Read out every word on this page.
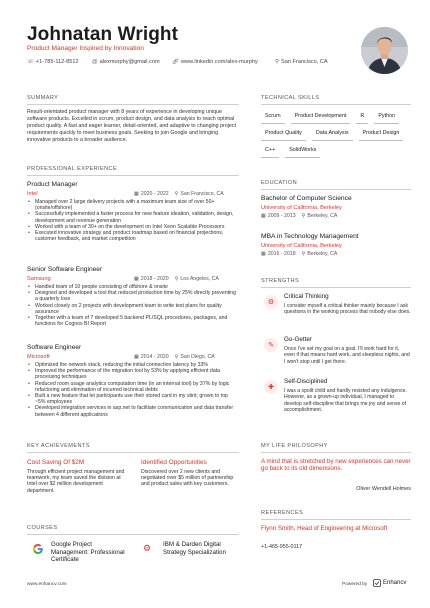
Johnatan Wright
Product Manager Inspired by Innovation
☏ +1-785-112-8512 @ alexmurphy@gmail.com 🔗︎ www.linkedin.com/alex-murphy	⚲ San Francisco, CA
SUMMARY
Result-orientated product manager with 8 years of experience in developing unique software products. Excelled in scrum, product design, and data analysis to reach optimal product quality. A fast and eager learner, detail-oriented, and adaptive to changing project requirements quickly to meet business goals. Seeking to join Google and bringing innovative products to a broader audience.
PROFESSIONAL EXPERIENCE
Product Manager
Intel	▦ 2020 - 2022 ⚲ San Francisco, CA
• Managed over 2 large delivery projects with a maximum team size of over 50+ (onsite/offshore)
• Successfully implemented a faster process for new feature ideation, validation, design, development and revenue generation
• Worked with a team of 30+ on the development on Intel Xeon Scalable Processors
• Executed innovative strategy and product roadmap based on financial projections, customer feedback, and market competition
Senior Software Engineer
Samsung	▦ 2018 - 2020 ⚲ Los Angeles, CA
• Handled team of 10 people consisting of offshore & onsite
• Designed and developed a tool that reduced production time by 25% directly preventing a quarterly loss
• Worked closely on 2 projects with development team to write test plans for quality assurance
• Together with a team of 7 developed 5 backend PL/SQL procedures, packages, and functions for Cognos BI Report
Software Engineer
Microsoft	▦ 2014 - 2020 ⚲ San Diego, CA
• Optimized the network stack, reducing the initial connection latency by 33%
• Improved the performance of the migration tool by 53% by applying efficient data processing techniques
• Reduced room usage analytics computation time (in an internal tool) by 37% by logic refactoring and elimination of incurred technical debts
• Built a new feature that let participants use their stored card in my stint; grown to top ~5% employees
• Developed integration services in asp.net to facilitate communication and data transfer between 4 different applications
KEY ACHIEVEMENTS
Cost Saving Of $2M
Through efficient project management and teamwork, my team saved the division at Intel over $2 million development department.
Identified Opportunities
Discovered over 2 new clients and negotiated over $5 million of partnership and product sales with key customers.
COURSES
Google Project Management: Professional Certificate
⚙ IBM & Darden Digital Strategy Specialization
TECHNICAL SKILLS
Scrum	Product Development	R	Python
Product Quality	Data Analysis	Product Design
C++	SolidWorks
EDUCATION
Bachelor of Computer Science
University of California, Berkeley
▦ 2009 - 2013 ⚲ Berkeley, CA
MBA in Technology Management
University of California, Berkeley
▦ 2016 - 2018 ⚲ Berkeley, CA
STRENGTHS
⚙
Critical Thinking
I consider myself a critical thinker mainly because I ask questions in the working process that nobody else does.
✎
Go-Getter
Once I've set my goal on a goal. I'll work hard for it, even if that means hard work, and sleepless nights, and I won't stop until I get there.
✚
Self-Disciplined
I was a spoilt child and hardly resisted any indulgence. However, as a grown-up individual, I managed to develop self-discipline that brings me joy and sense of accomplishment.
MY LIFE PHILOSOPHY
A mind that is stretched by new experiences can never go back to its old dimensions.
Oliver Wendell Holmes
REFERENCES
Flynn Smith, Head of Engineering at Microsoft
+1-465-955-0117
www.enhancv.com	Powered by	Enhancv
